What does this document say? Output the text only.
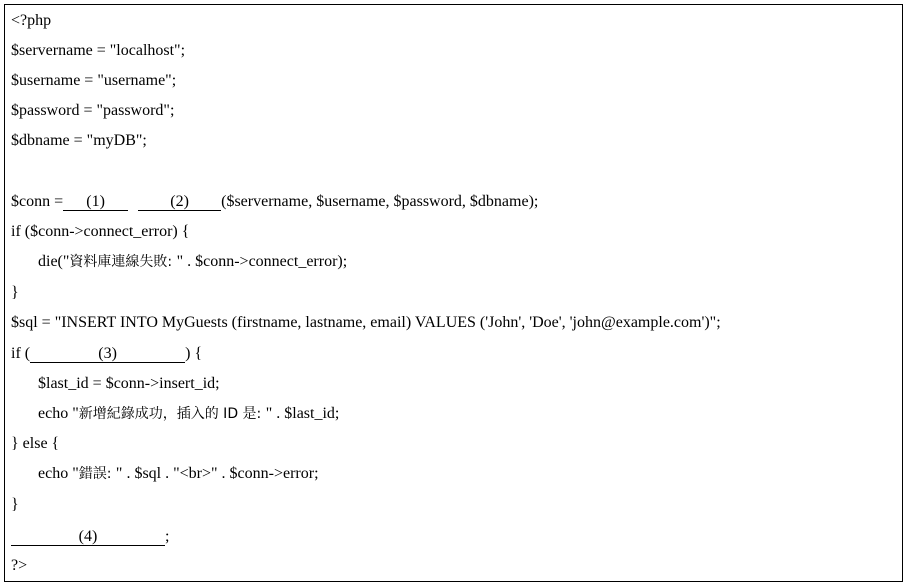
<?php
$servername = "localhost";
$username = "username";
$password = "password";
$dbname = "myDB";
$conn = (1)	(2) ($servername, $username, $password, $dbname);
if ($conn->connect_error) {
die("資料庫連線失敗: " . $conn->connect_error);
}
$sql = "INSERT INTO MyGuests (firstname, lastname, email) VALUES ('John', 'Doe', 'john@example.com')";
if (	(3)	) {
$last_id = $conn->insert_id;
echo "新增紀錄成功，插入的 ID 是: " . $last_id;
} else {
echo "錯誤: " . $sql . "<br>" . $conn->error;
}
(4)	;
?>
